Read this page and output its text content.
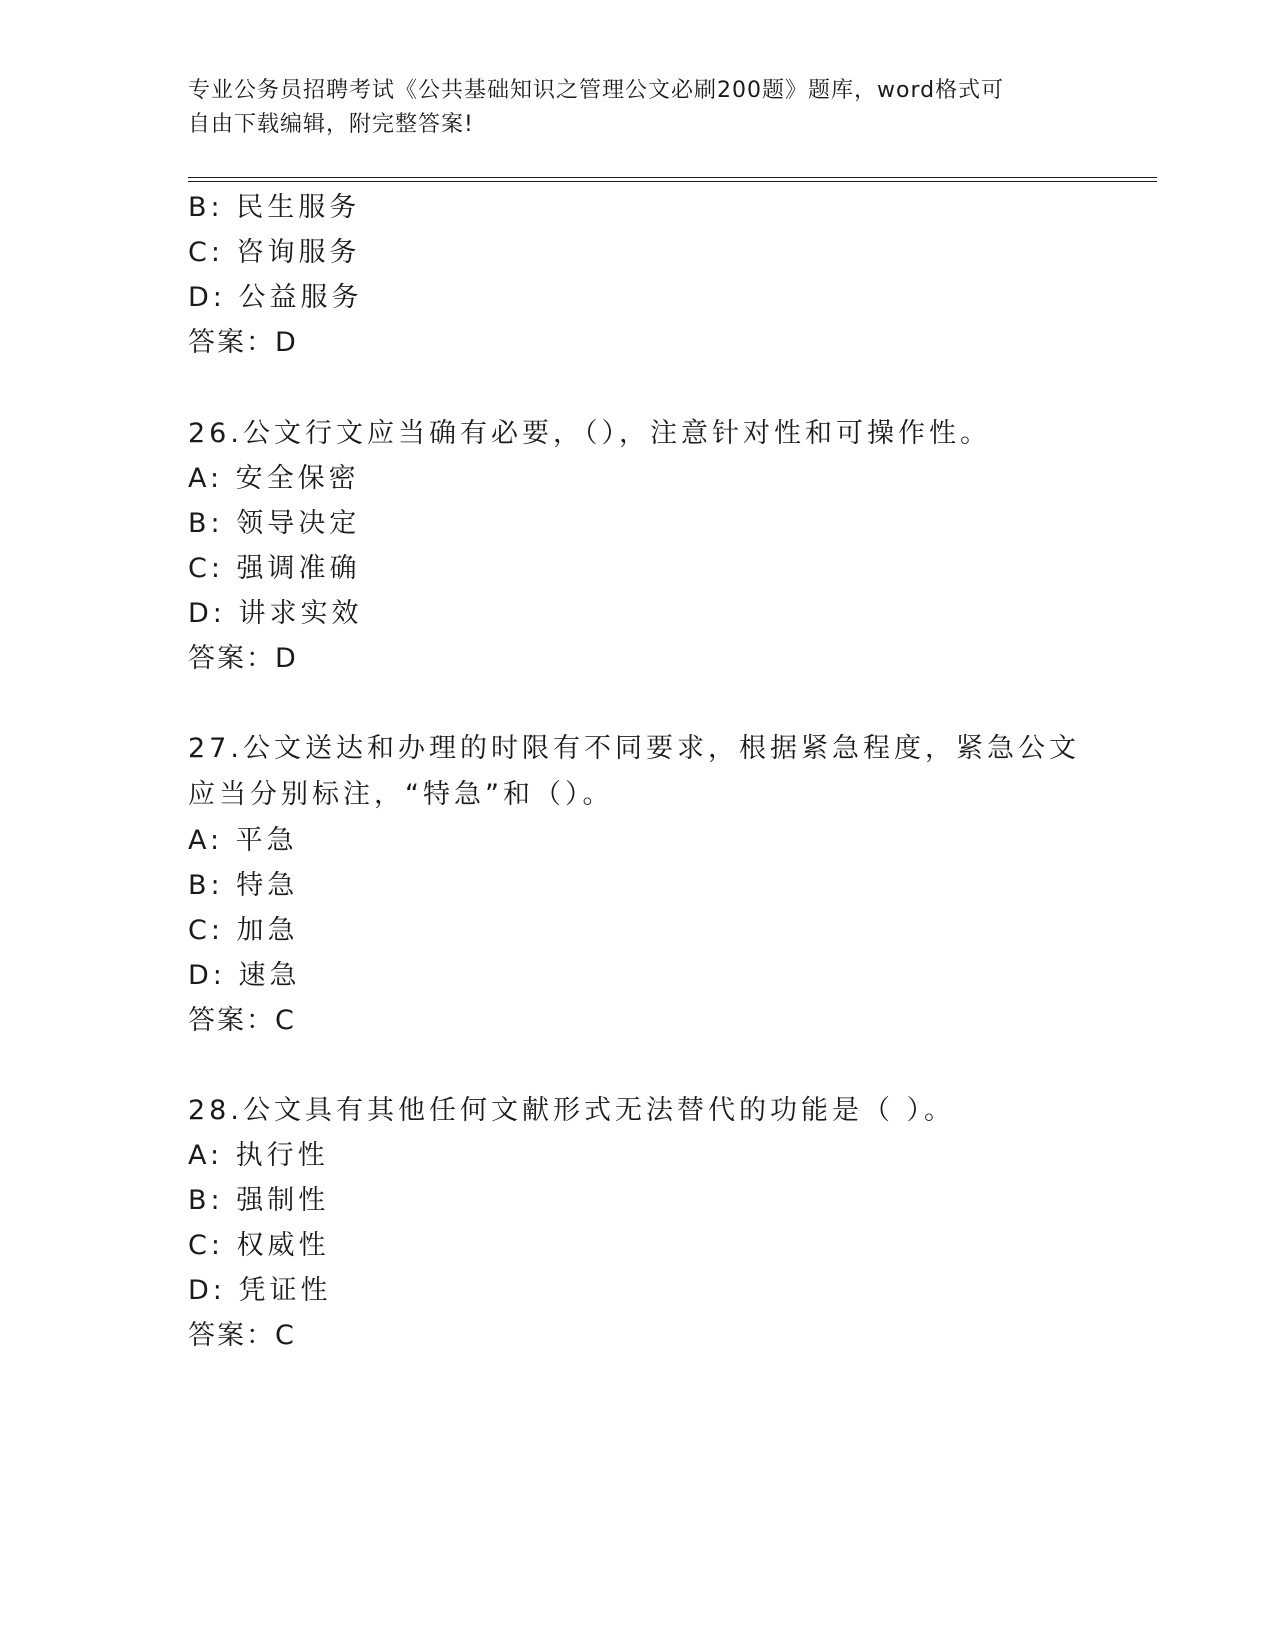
专业公务员招聘考试《公共基础知识之管理公文必刷200题》题库，word格式可
自由下载编辑，附完整答案!
B: 民生服务
C: 咨询服务
D: 公益服务
答案：D
26.公文行文应当确有必要，（），注意针对性和可操作性。
A: 安全保密
B: 领导决定
C: 强调准确
D: 讲求实效
答案：D
27.公文送达和办理的时限有不同要求，根据紧急程度，紧急公文应当分别标注，“特急”和（）。
A: 平急
B: 特急
C: 加急
D: 速急
答案：C
28.公文具有其他任何文献形式无法替代的功能是（ ）。
A: 执行性
B: 强制性
C: 权威性
D: 凭证性
答案：C
